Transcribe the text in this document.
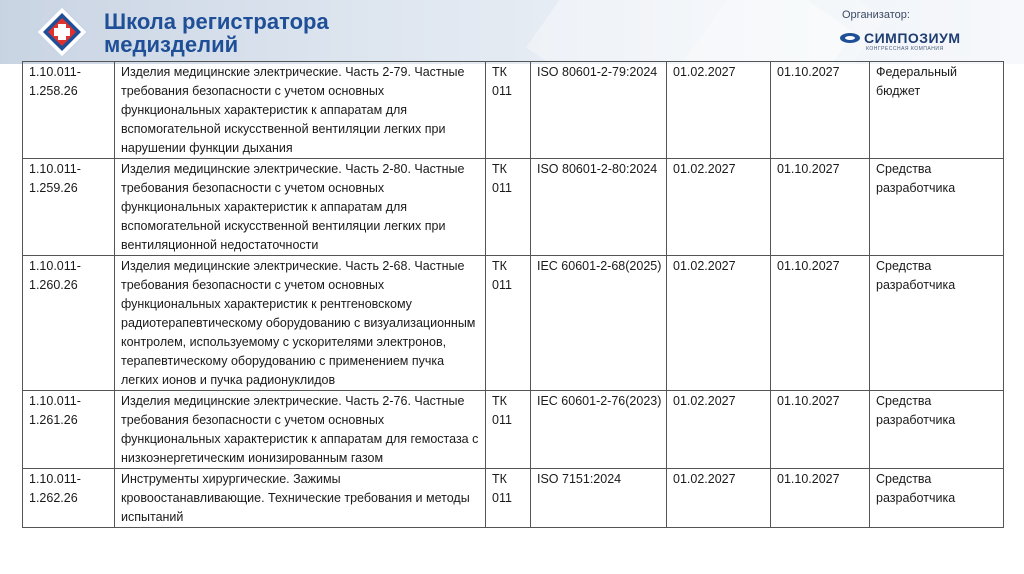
Школа регистратора
медизделий
Организатор:
СИМПОЗИУМ
КОНГРЕССНАЯ КОМПАНИЯ
1.10.011-1.258.26	Изделия медицинские электрические. Часть 2-79. Частные требования безопасности с учетом основных функциональных характеристик к аппаратам для вспомогательной искусственной вентиляции легких при нарушении функции дыхания	ТК 011	ISO 80601-2-79:2024	01.02.2027	01.10.2027	Федеральный бюджет
1.10.011-1.259.26	Изделия медицинские электрические. Часть 2-80. Частные требования безопасности с учетом основных функциональных характеристик к аппаратам для вспомогательной искусственной вентиляции легких при вентиляционной недостаточности	ТК 011	ISO 80601-2-80:2024	01.02.2027	01.10.2027	Средства разработчика
1.10.011-1.260.26	Изделия медицинские электрические. Часть 2-68. Частные требования безопасности с учетом основных функциональных характеристик к рентгеновскому радиотерапевтическому оборудованию с визуализационным контролем, используемому с ускорителями электронов, терапевтическому оборудованию с применением пучка легких ионов и пучка радионуклидов	ТК 011	IEC 60601-2-68(2025)	01.02.2027	01.10.2027	Средства разработчика
1.10.011-1.261.26	Изделия медицинские электрические. Часть 2-76. Частные требования безопасности с учетом основных функциональных характеристик к аппаратам для гемостаза с низкоэнергетическим ионизированным газом	ТК 011	IEC 60601-2-76(2023)	01.02.2027	01.10.2027	Средства разработчика
1.10.011-1.262.26	Инструменты хирургические. Зажимы кровоостанавливающие. Технические требования и методы испытаний	ТК 011	ISO 7151:2024	01.02.2027	01.10.2027	Средства разработчика
